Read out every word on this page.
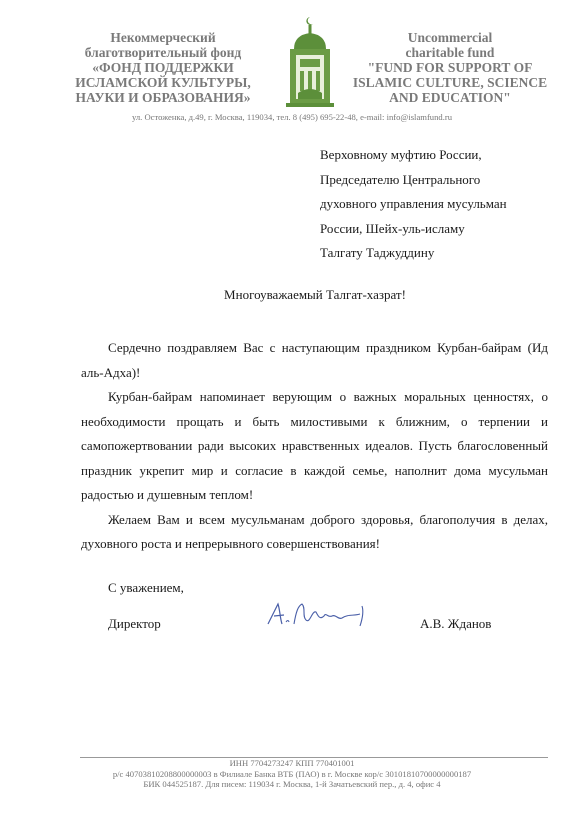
Некоммерческий
благотворительный фонд
«ФОНД ПОДДЕРЖКИ
ИСЛАМСКОЙ КУЛЬТУРЫ,
НАУКИ И ОБРАЗОВАНИЯ»
Uncommercial
charitable fund
"FUND FOR SUPPORT OF
ISLAMIC CULTURE, SCIENCE
AND EDUCATION"
ул. Остоженка, д.49, г. Москва, 119034, тел. 8 (495) 695-22-48, e-mail: info@islamfund.ru
Верховному муфтию России,
Председателю Центрального
духовного управления мусульман
России, Шейх-уль-исламу
Талгату Таджуддину
Многоуважаемый Талгат-хазрат!

Сердечно поздравляем Вас с наступающим праздником Курбан-байрам (Ид аль-Адха)!

Курбан-байрам напоминает верующим о важных моральных ценностях, о необходимости прощать и быть милостивыми к ближним, о терпении и самопожертвовании ради высоких нравственных идеалов. Пусть благословенный праздник укрепит мир и согласие в каждой семье, наполнит дома мусульман радостью и душевным теплом!

Желаем Вам и всем мусульманам доброго здоровья, благополучия в делах, духовного роста и непрерывного совершенствования!

С уважением,
Директор	А.В. Жданов
ИНН 7704273247 КПП 770401001
р/с 40703810208800000003 в Филиале Банка ВТБ (ПАО) в г. Москве кор/с 30101810700000000187
БИК 044525187. Для писем: 119034 г. Москва, 1-й Зачатьевский пер., д. 4, офис 4
